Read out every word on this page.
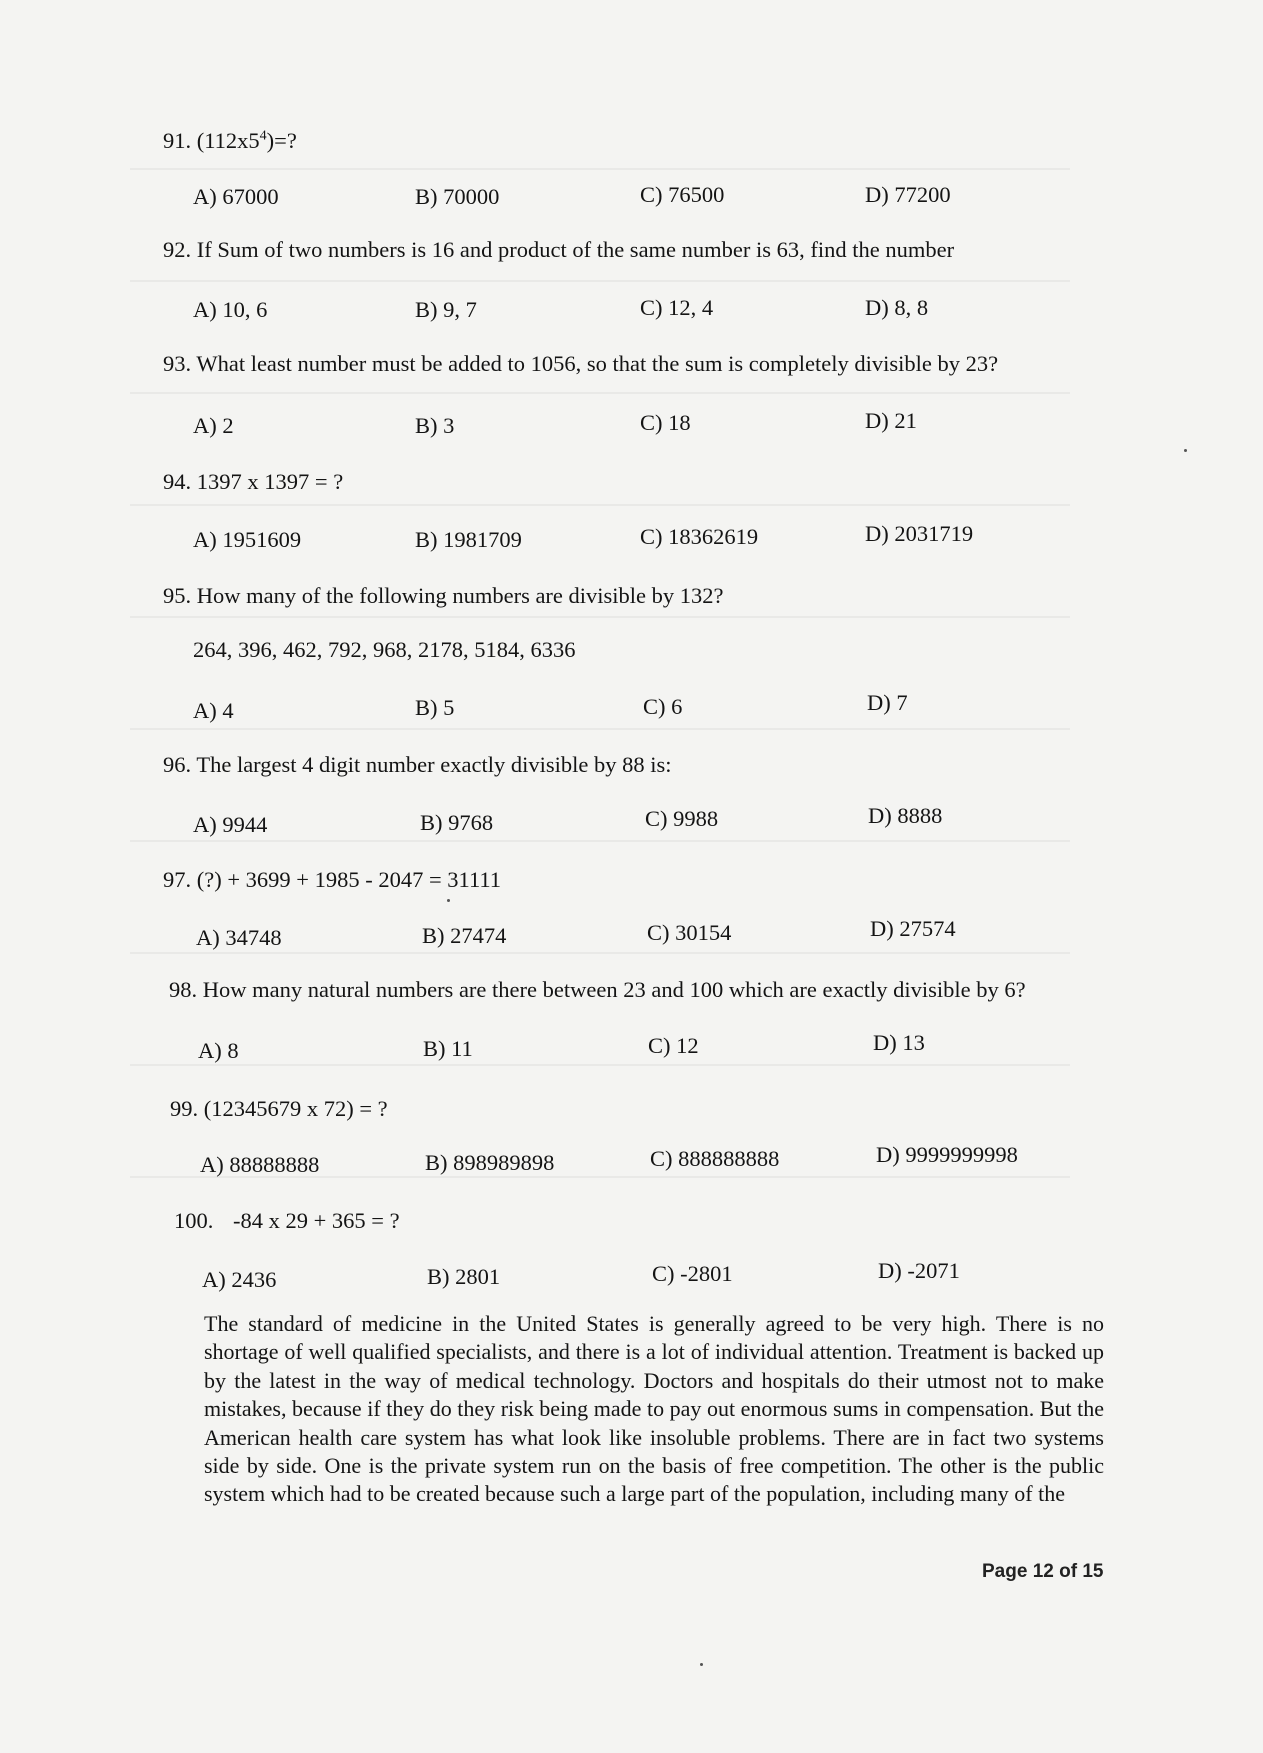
91. $(112x5^4)=$?
A) 67000	B) 70000	C) 76500	D) 77200
92. If Sum of two numbers is 16 and product of the same number is 63, find the number
A) 10, 6	B) 9, 7	C) 12, 4	D) 8, 8
93. What least number must be added to 1056, so that the sum is completely divisible by 23?
A) 2	B) 3	C) 18	D) 21
94. 1397 x 1397 = ?
A) 1951609	B) 1981709	C) 18362619	D) 2031719
95. How many of the following numbers are divisible by 132?
264, 396, 462, 792, 968, 2178, 5184, 6336
A) 4	B) 5	C) 6	D) 7
96. The largest 4 digit number exactly divisible by 88 is:
A) 9944	B) 9768	C) 9988	D) 8888
97. (?) + 3699 + 1985 - 2047 = 31111
A) 34748	B) 27474	C) 30154	D) 27574
98. How many natural numbers are there between 23 and 100 which are exactly divisible by 6?
A) 8	B) 11	C) 12	D) 13
99. (12345679 x 72) = ?
A) 88888888	B) 898989898	C) 888888888	D) 9999999998
100. -84 x 29 + 365 = ?
A) 2436	B) 2801	C) -2801	D) -2071
The standard of medicine in the United States is generally agreed to be very high. There is no shortage of well qualified specialists, and there is a lot of individual attention. Treatment is backed up by the latest in the way of medical technology. Doctors and hospitals do their utmost not to make mistakes, because if they do they risk being made to pay out enormous sums in compensation. But the American health care system has what look like insoluble problems. There are in fact two systems side by side. One is the private system run on the basis of free competition. The other is the public system which had to be created because such a large part of the population, including many of the
Page 12 of 15
